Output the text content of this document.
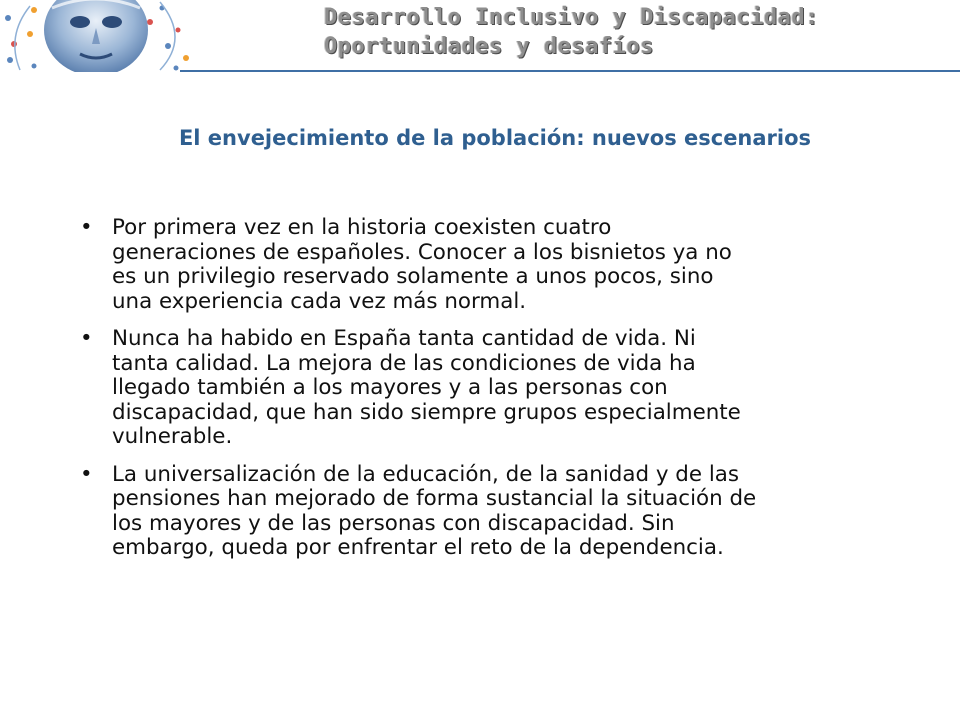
Desarrollo Inclusivo y Discapacidad:
Oportunidades y desafíos
El envejecimiento de la población: nuevos escenarios
• Por primera vez en la historia coexisten cuatro
generaciones de españoles. Conocer a los bisnietos ya no
es un privilegio reservado solamente a unos pocos, sino
una experiencia cada vez más normal.
• Nunca ha habido en España tanta cantidad de vida. Ni
tanta calidad. La mejora de las condiciones de vida ha
llegado también a los mayores y a las personas con
discapacidad, que han sido siempre grupos especialmente
vulnerable.
• La universalización de la educación, de la sanidad y de las
pensiones han mejorado de forma sustancial la situación de
los mayores y de las personas con discapacidad. Sin
embargo, queda por enfrentar el reto de la dependencia.
